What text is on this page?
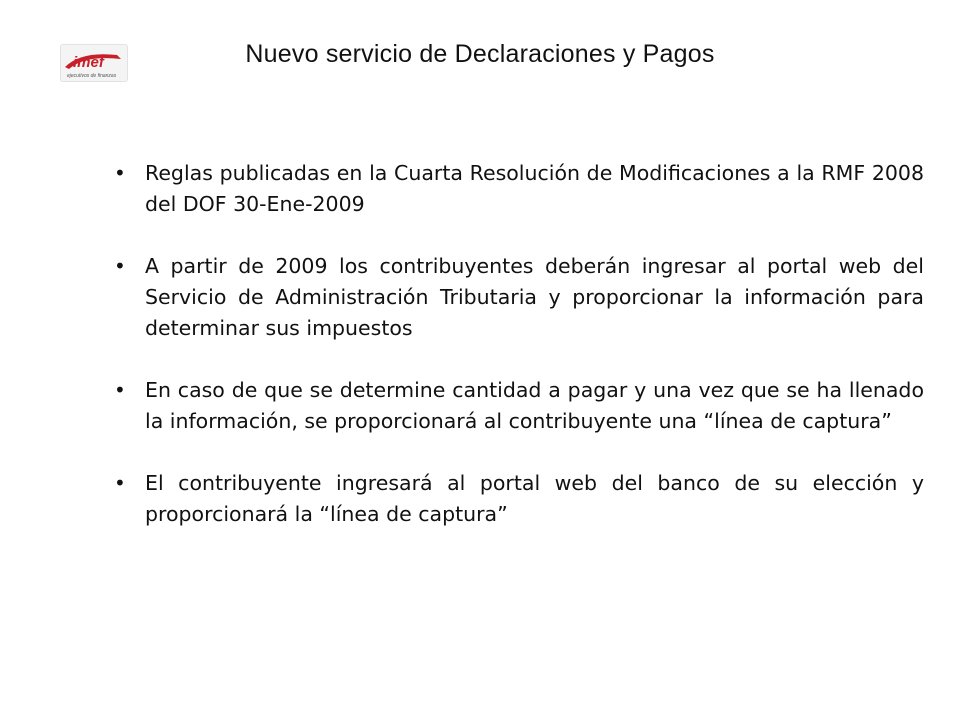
imef
ejecutivos de finanzas
Nuevo servicio de Declaraciones y Pagos
• Reglas publicadas en la Cuarta Resolución de Modificaciones a la RMF 2008 del DOF 30-Ene-2009
• A partir de 2009 los contribuyentes deberán ingresar al portal web del Servicio de Administración Tributaria y proporcionar la información para determinar sus impuestos
• En caso de que se determine cantidad a pagar y una vez que se ha llenado la información, se proporcionará al contribuyente una “línea de captura”
• El contribuyente ingresará al portal web del banco de su elección y proporcionará la “línea de captura”
